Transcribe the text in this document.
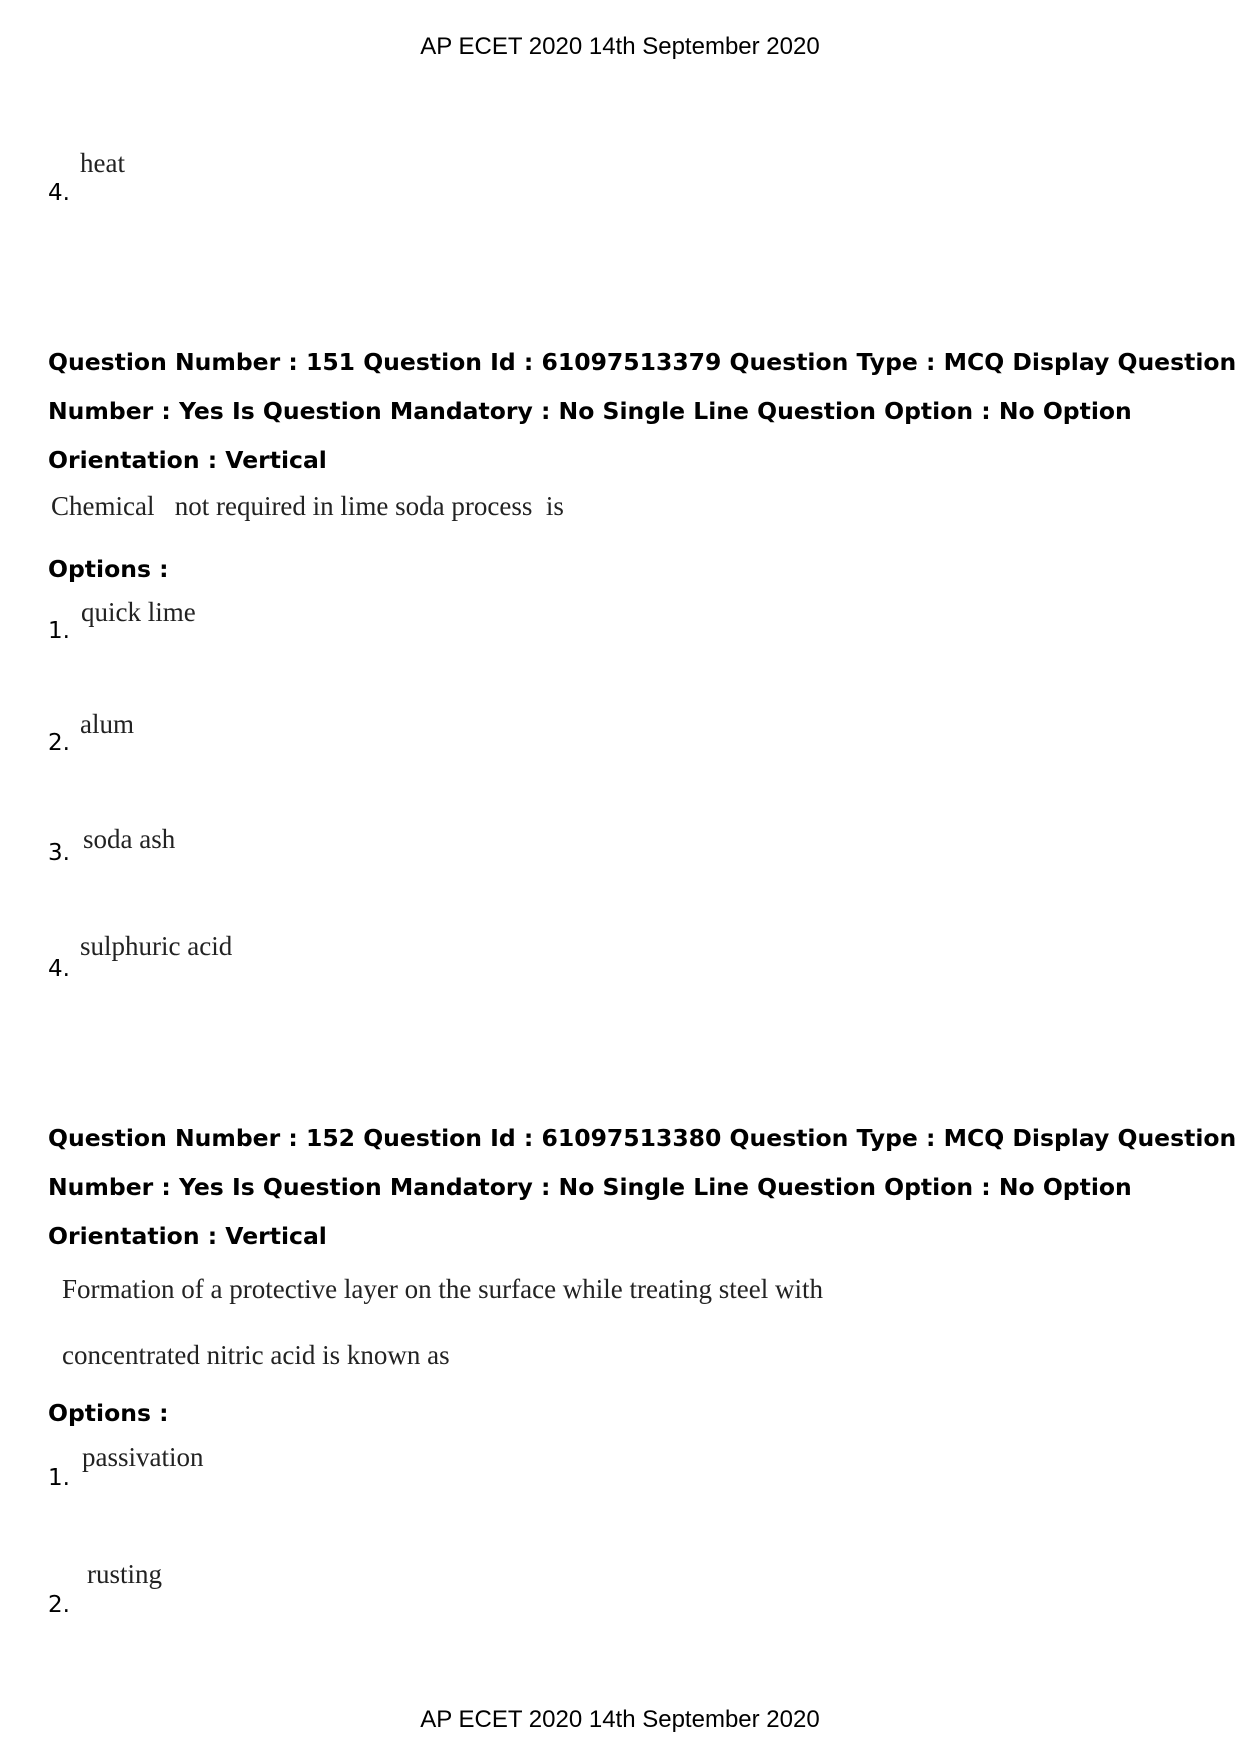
AP ECET 2020 14th September 2020
4.
heat
Question Number : 151 Question Id : 61097513379 Question Type : MCQ Display Question
Number : Yes Is Question Mandatory : No Single Line Question Option : No Option
Orientation : Vertical
Chemical   not required in lime soda process  is
Options :
1.
quick lime
2.
alum
3. soda ash
4.
sulphuric acid
Question Number : 152 Question Id : 61097513380 Question Type : MCQ Display Question
Number : Yes Is Question Mandatory : No Single Line Question Option : No Option
Orientation : Vertical
Formation of a protective layer on the surface while treating steel with
concentrated nitric acid is known as
Options :
1.
passivation
2.
rusting
AP ECET 2020 14th September 2020
